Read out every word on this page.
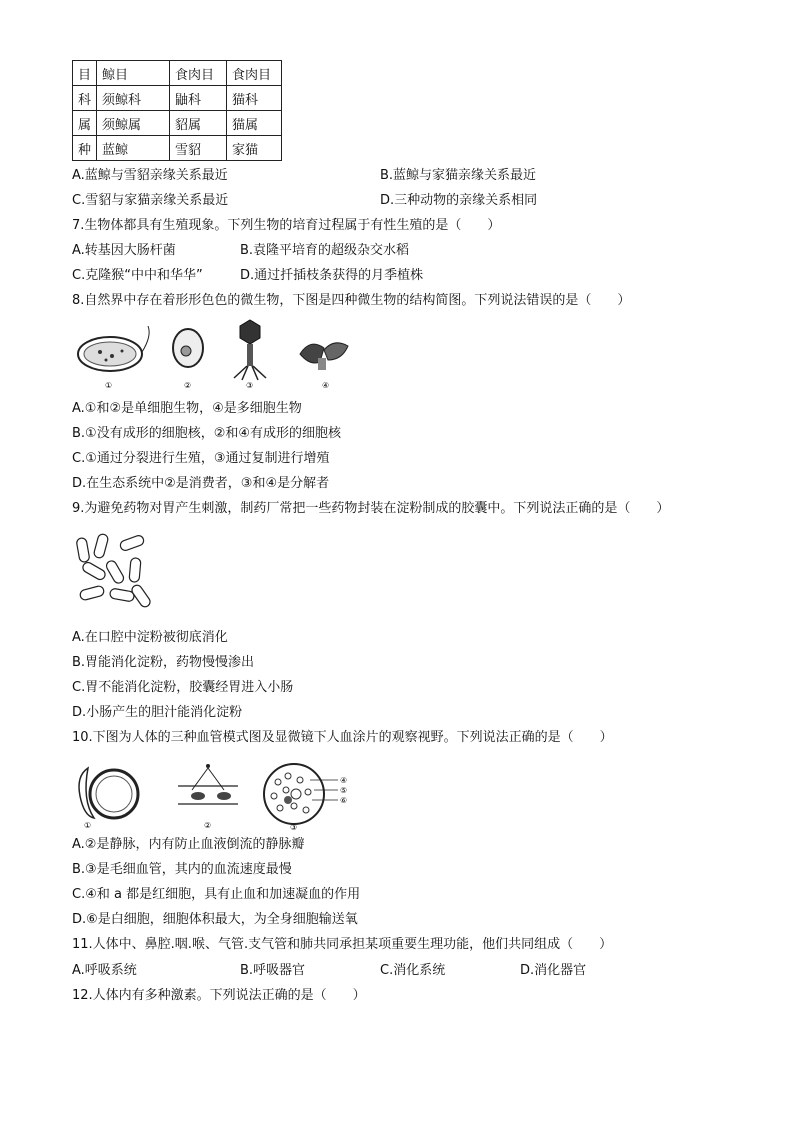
目	鲸目	食肉目	食肉目
科	须鲸科	鼬科	猫科
属	须鲸属	貂属	猫属
种	蓝鲸	雪貂	家猫
A.蓝鲸与雪貂亲缘关系最近	B.蓝鲸与家猫亲缘关系最近
C.雪貂与家猫亲缘关系最近	D.三种动物的亲缘关系相同
7.生物体都具有生殖现象。下列生物的培育过程属于有性生殖的是（　　）
A.转基因大肠杆菌	B.袁隆平培育的超级杂交水稻
C.克隆猴“中中和华华”	D.通过扦插枝条获得的月季植株
8.自然界中存在着形形色色的微生物，下图是四种微生物的结构简图。下列说法错误的是（　　）
①	②	③	④
A.①和②是单细胞生物，④是多细胞生物
B.①没有成形的细胞核，②和④有成形的细胞核
C.①通过分裂进行生殖，③通过复制进行增殖
D.在生态系统中②是消费者，③和④是分解者
9.为避免药物对胃产生刺激，制药厂常把一些药物封装在淀粉制成的胶囊中。下列说法正确的是（　　）
A.在口腔中淀粉被彻底消化
B.胃能消化淀粉，药物慢慢渗出
C.胃不能消化淀粉，胶囊经胃进入小肠
D.小肠产生的胆汁能消化淀粉
10.下图为人体的三种血管模式图及显微镜下人血涂片的观察视野。下列说法正确的是（　　）
④
⑤
⑥
①	②	③
A.②是静脉，内有防止血液倒流的静脉瓣
B.③是毛细血管，其内的血流速度最慢
C.④和 a 都是红细胞，具有止血和加速凝血的作用
D.⑥是白细胞，细胞体积最大，为全身细胞输送氧
11.人体中、鼻腔.咽.喉、气管.支气管和肺共同承担某项重要生理功能，他们共同组成（　　）
A.呼吸系统	B.呼吸器官	C.消化系统	D.消化器官
12.人体内有多种激素。下列说法正确的是（　　）
